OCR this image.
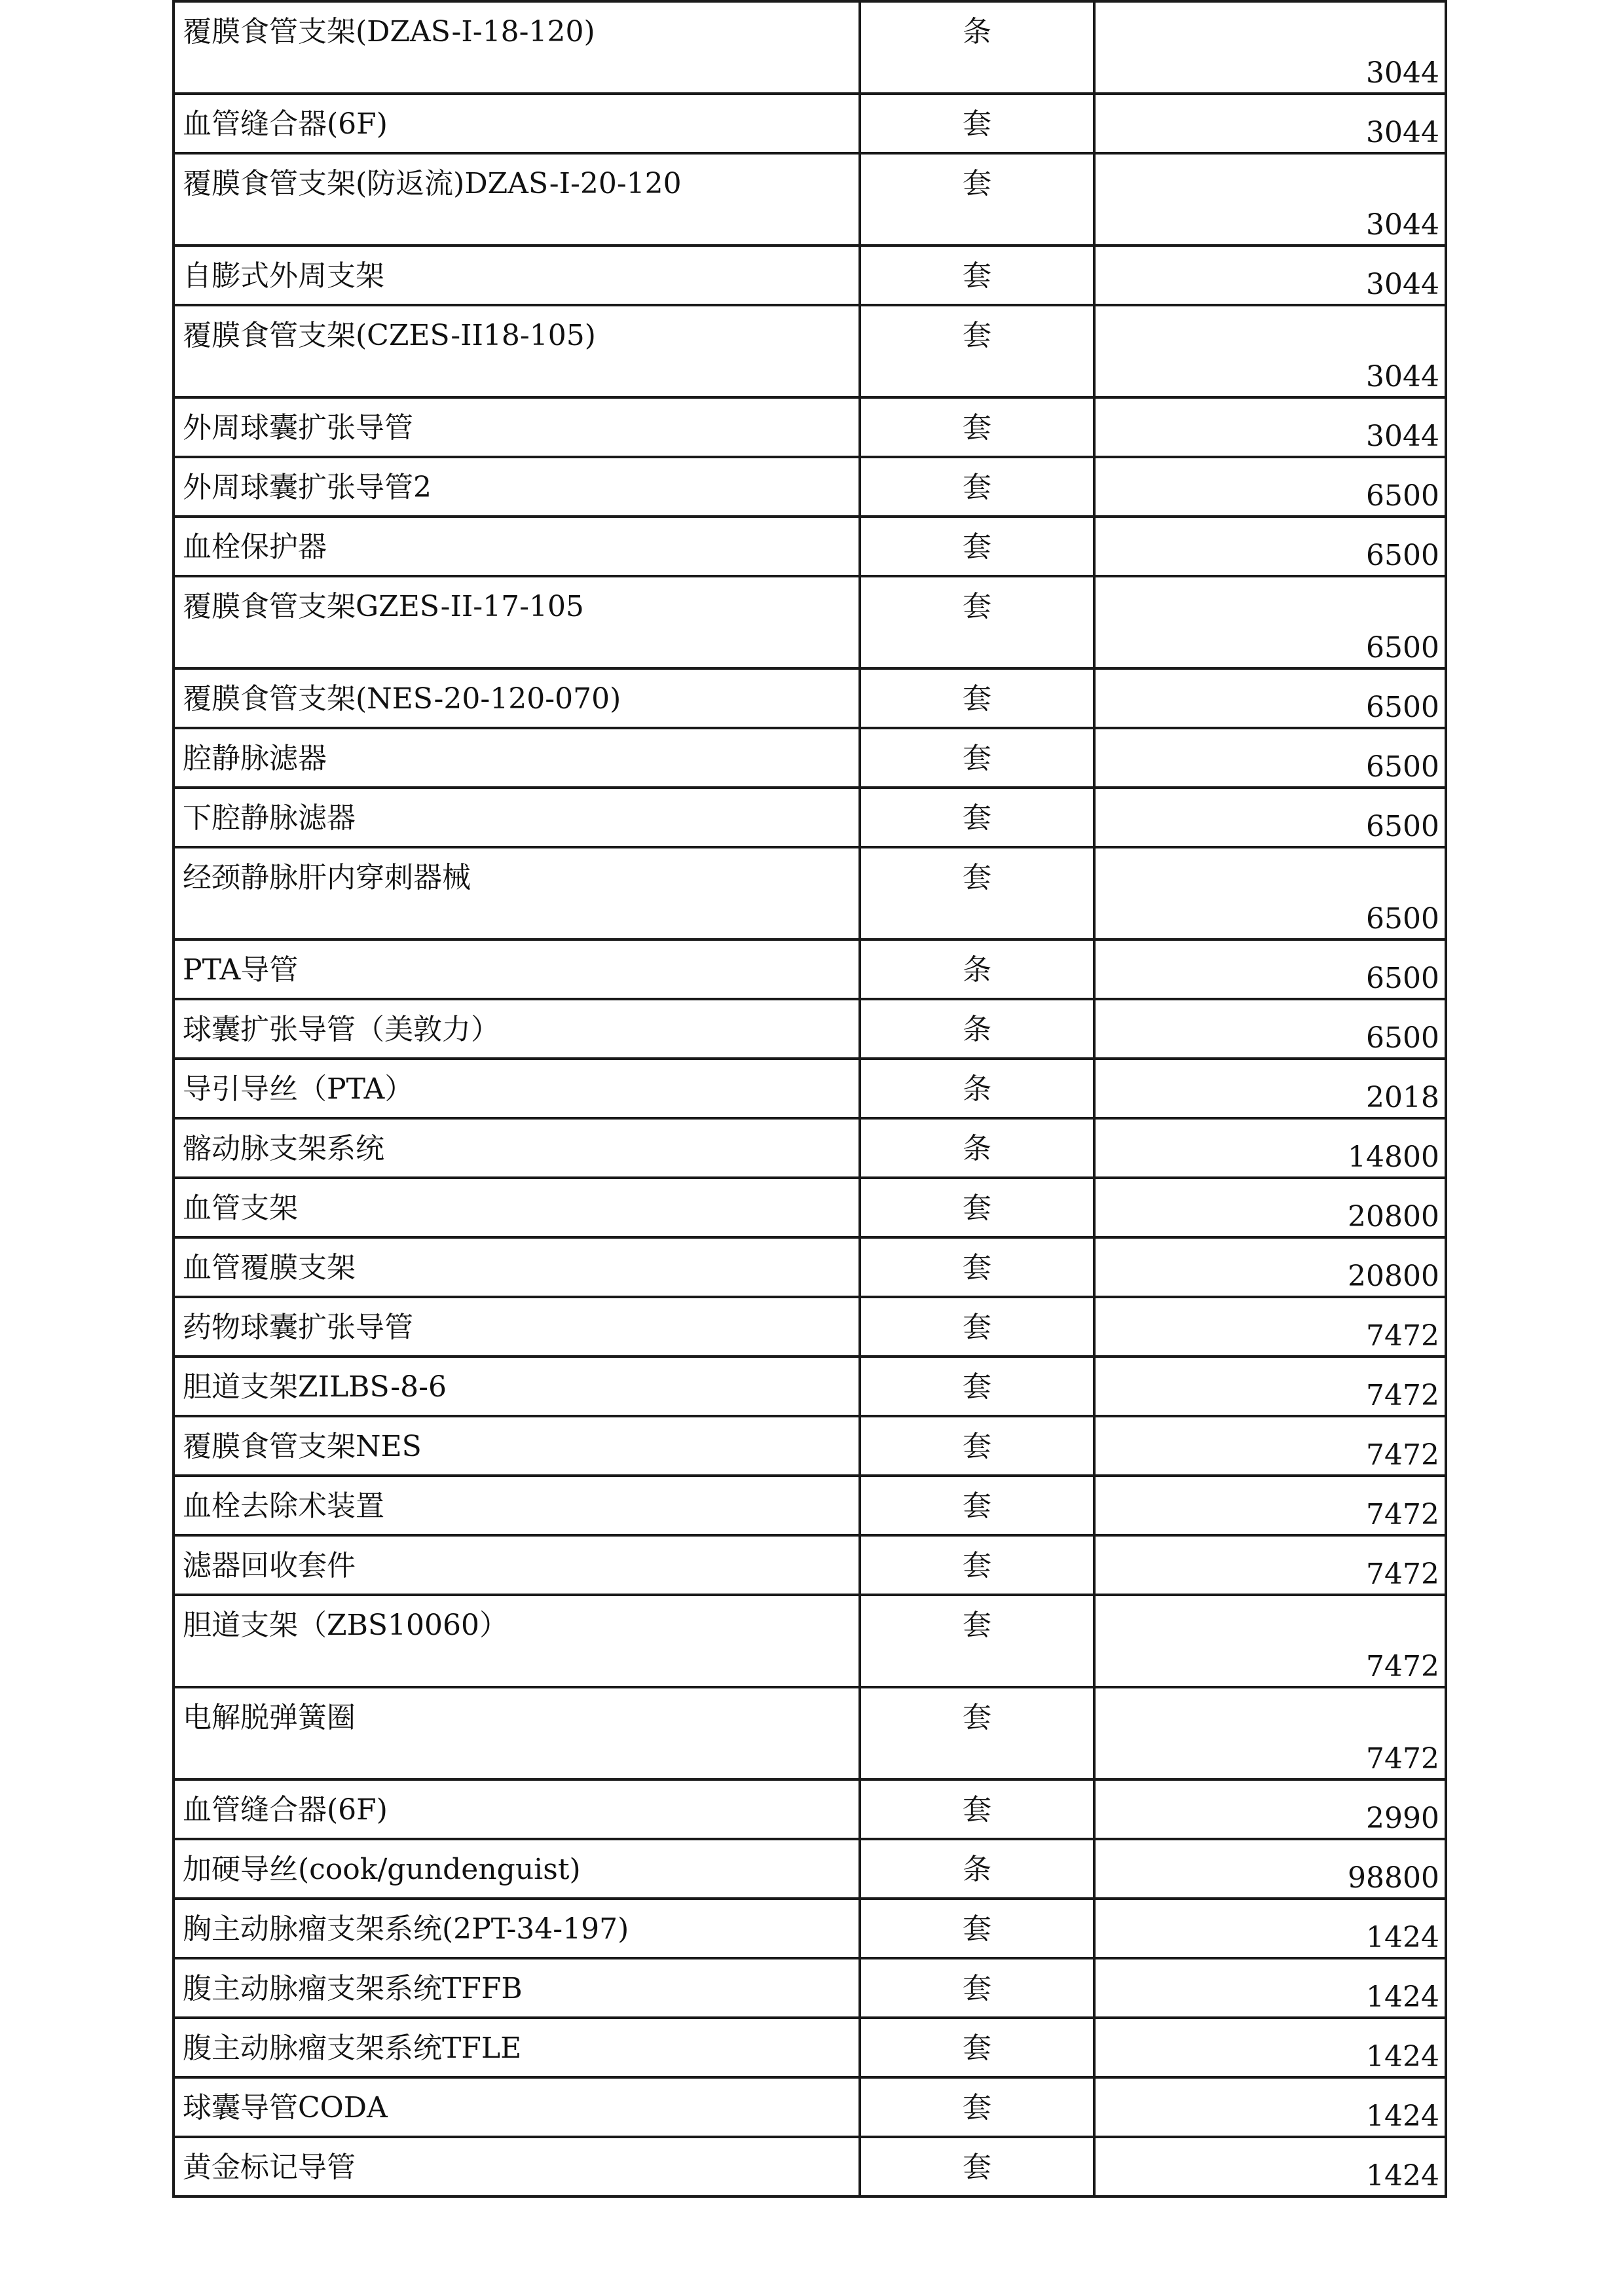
覆膜食管支架(DZAS-I-18-120)	条	3044
血管缝合器(6F)	套	3044
覆膜食管支架(防返流)DZAS-I-20-120	套	3044
自膨式外周支架	套	3044
覆膜食管支架(CZES-II18-105)	套	3044
外周球囊扩张导管	套	3044
外周球囊扩张导管2	套	6500
血栓保护器	套	6500
覆膜食管支架GZES-II-17-105	套	6500
覆膜食管支架(NES-20-120-070)	套	6500
腔静脉滤器	套	6500
下腔静脉滤器	套	6500
经颈静脉肝内穿刺器械	套	6500
PTA导管	条	6500
球囊扩张导管（美敦力）	条	6500
导引导丝（PTA）	条	2018
髂动脉支架系统	条	14800
血管支架	套	20800
血管覆膜支架	套	20800
药物球囊扩张导管	套	7472
胆道支架ZILBS-8-6	套	7472
覆膜食管支架NES	套	7472
血栓去除术装置	套	7472
滤器回收套件	套	7472
胆道支架（ZBS10060）	套	7472
电解脱弹簧圈	套	7472
血管缝合器(6F)	套	2990
加硬导丝(cook/gundenguist)	条	98800
胸主动脉瘤支架系统(2PT-34-197)	套	1424
腹主动脉瘤支架系统TFFB	套	1424
腹主动脉瘤支架系统TFLE	套	1424
球囊导管CODA	套	1424
黄金标记导管	套	1424
